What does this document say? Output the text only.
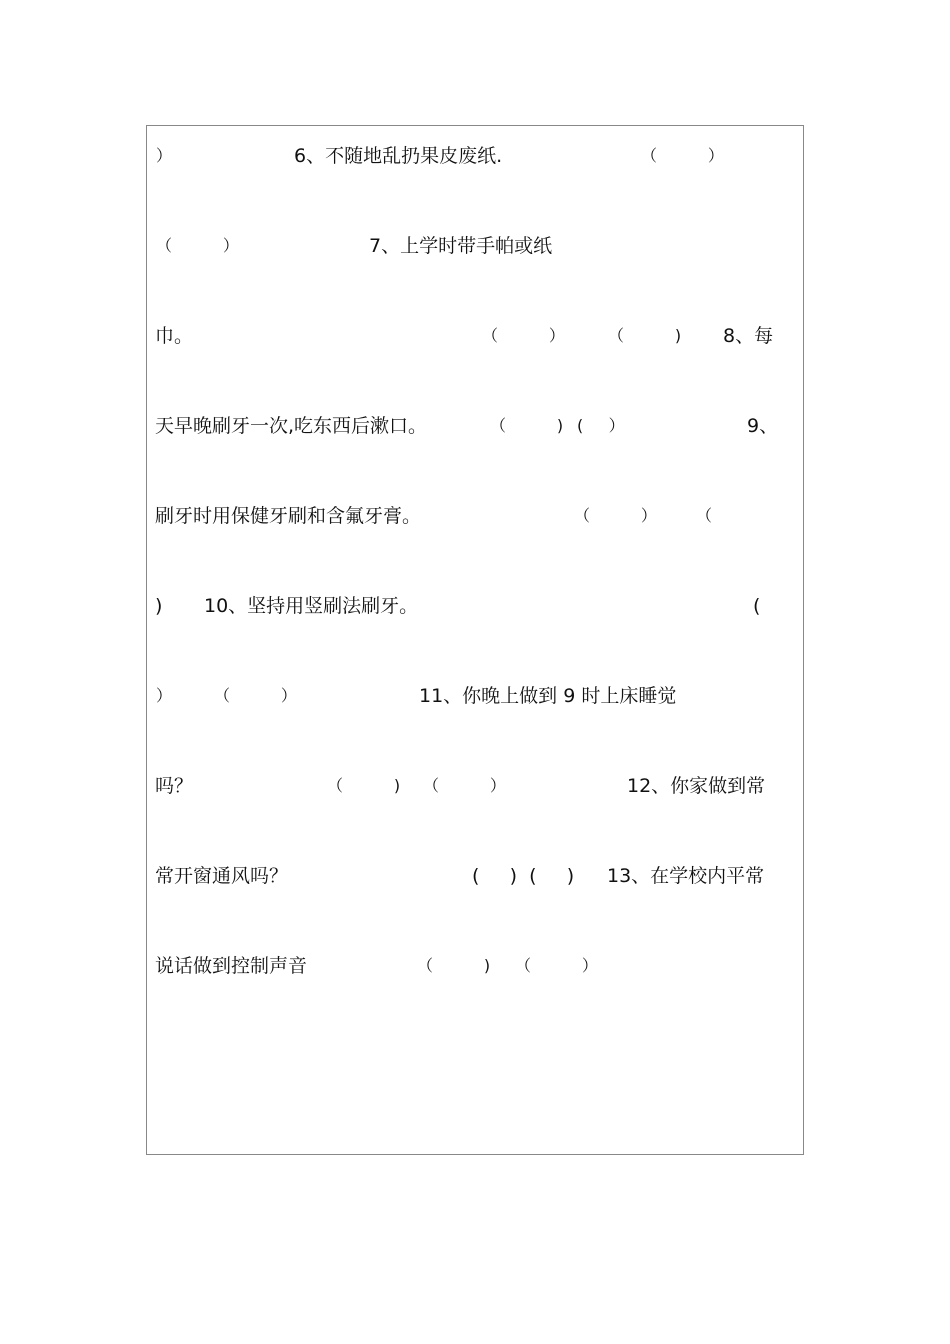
）	6、不随地乱扔果皮废纸.	（          ）
（          ）	7、上学时带手帕或纸
巾。	（          ）	（          ) 8、每
天早晚刷牙一次,吃东西后漱口。	（          ) (     ）	9、
刷牙时用保健牙刷和含氟牙膏。	（          ） （
) 10、坚持用竖刷法刷牙。	(
）	（          ）	11、你晚上做到 9 时上床睡觉
吗？	（          ) （          ）	12、你家做到常
常开窗通风吗？	(     )  (     ) 13、在学校内平常
说话做到控制声音	（          ) （          ）
